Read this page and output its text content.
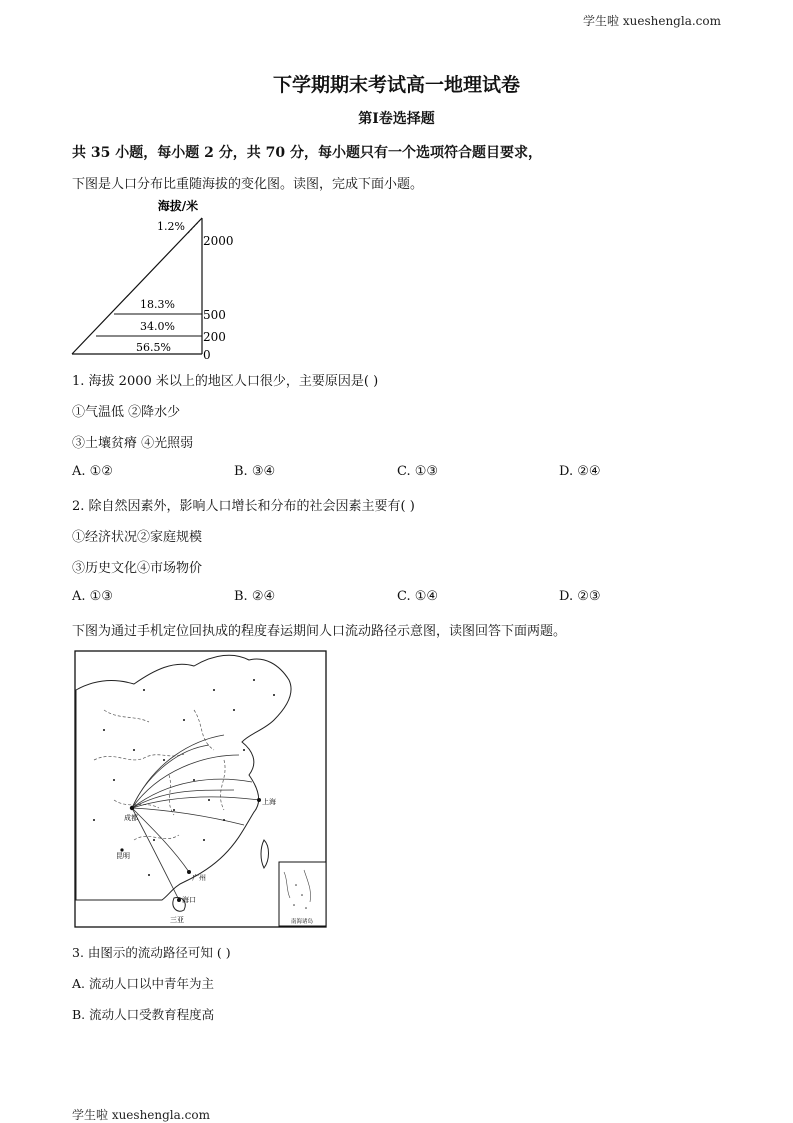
学生啦 xueshengla.com
下学期期末考试高一地理试卷
第Ⅰ卷选择题
共 35 小题，每小题 2 分，共 70 分，每小题只有一个选项符合题目要求，
下图是人口分布比重随海拔的变化图。读图，完成下面小题。
海拔/米
2000
500
200
0
1.2%
18.3%
34.0%
56.5%
1. 海拔 2000 米以上的地区人口很少，主要原因是( )
①气温低 ②降水少
③土壤贫瘠 ④光照弱
A. ①②	B. ③④	C. ①③	D. ②④
2. 除自然因素外，影响人口增长和分布的社会因素主要有( )
①经济状况②家庭规模
③历史文化④市场物价
A. ①③	B. ②④	C. ①④	D. ②③
下图为通过手机定位回执成的程度春运期间人口流动路径示意图，读图回答下面两题。
上海
成都
昆明
广州
海口
三亚	南海诸岛
3. 由图示的流动路径可知 ( )
A. 流动人口以中青年为主
B. 流动人口受教育程度高
学生啦 xueshengla.com
